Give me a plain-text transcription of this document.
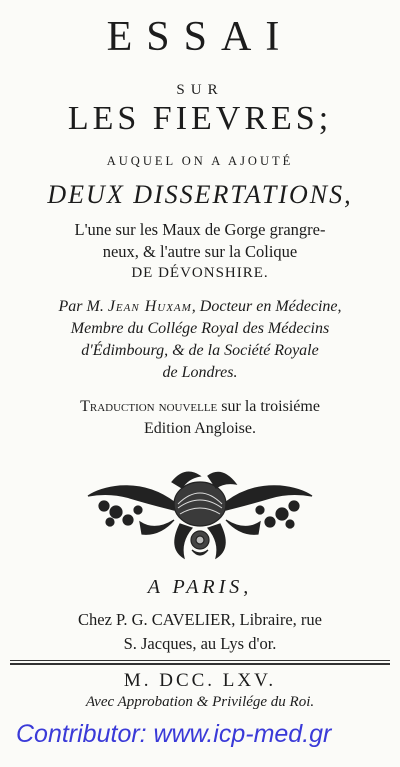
ESSAI
SUR
LES FIEVRES;
AUQUEL ON A AJOUTÉ
DEUX DISSERTATIONS,
L'une sur les Maux de Gorge grangre-
neux, & l'autre sur la Colique
DE DÉVONSHIRE.
Par M. Jean Huxam, Docteur en Médecine,
Membre du Collége Royal des Médecins
d'Édimbourg, & de la Société Royale
de Londres.
Traduction nouvelle sur la troisiéme
Edition Angloise.
A PARIS,
Chez P. G. CAVELIER, Libraire, rue
S. Jacques, au Lys d'or.
M. DCC. LXV.
Avec Approbation & Privilége du Roi.
Contributor: www.icp-med.gr
